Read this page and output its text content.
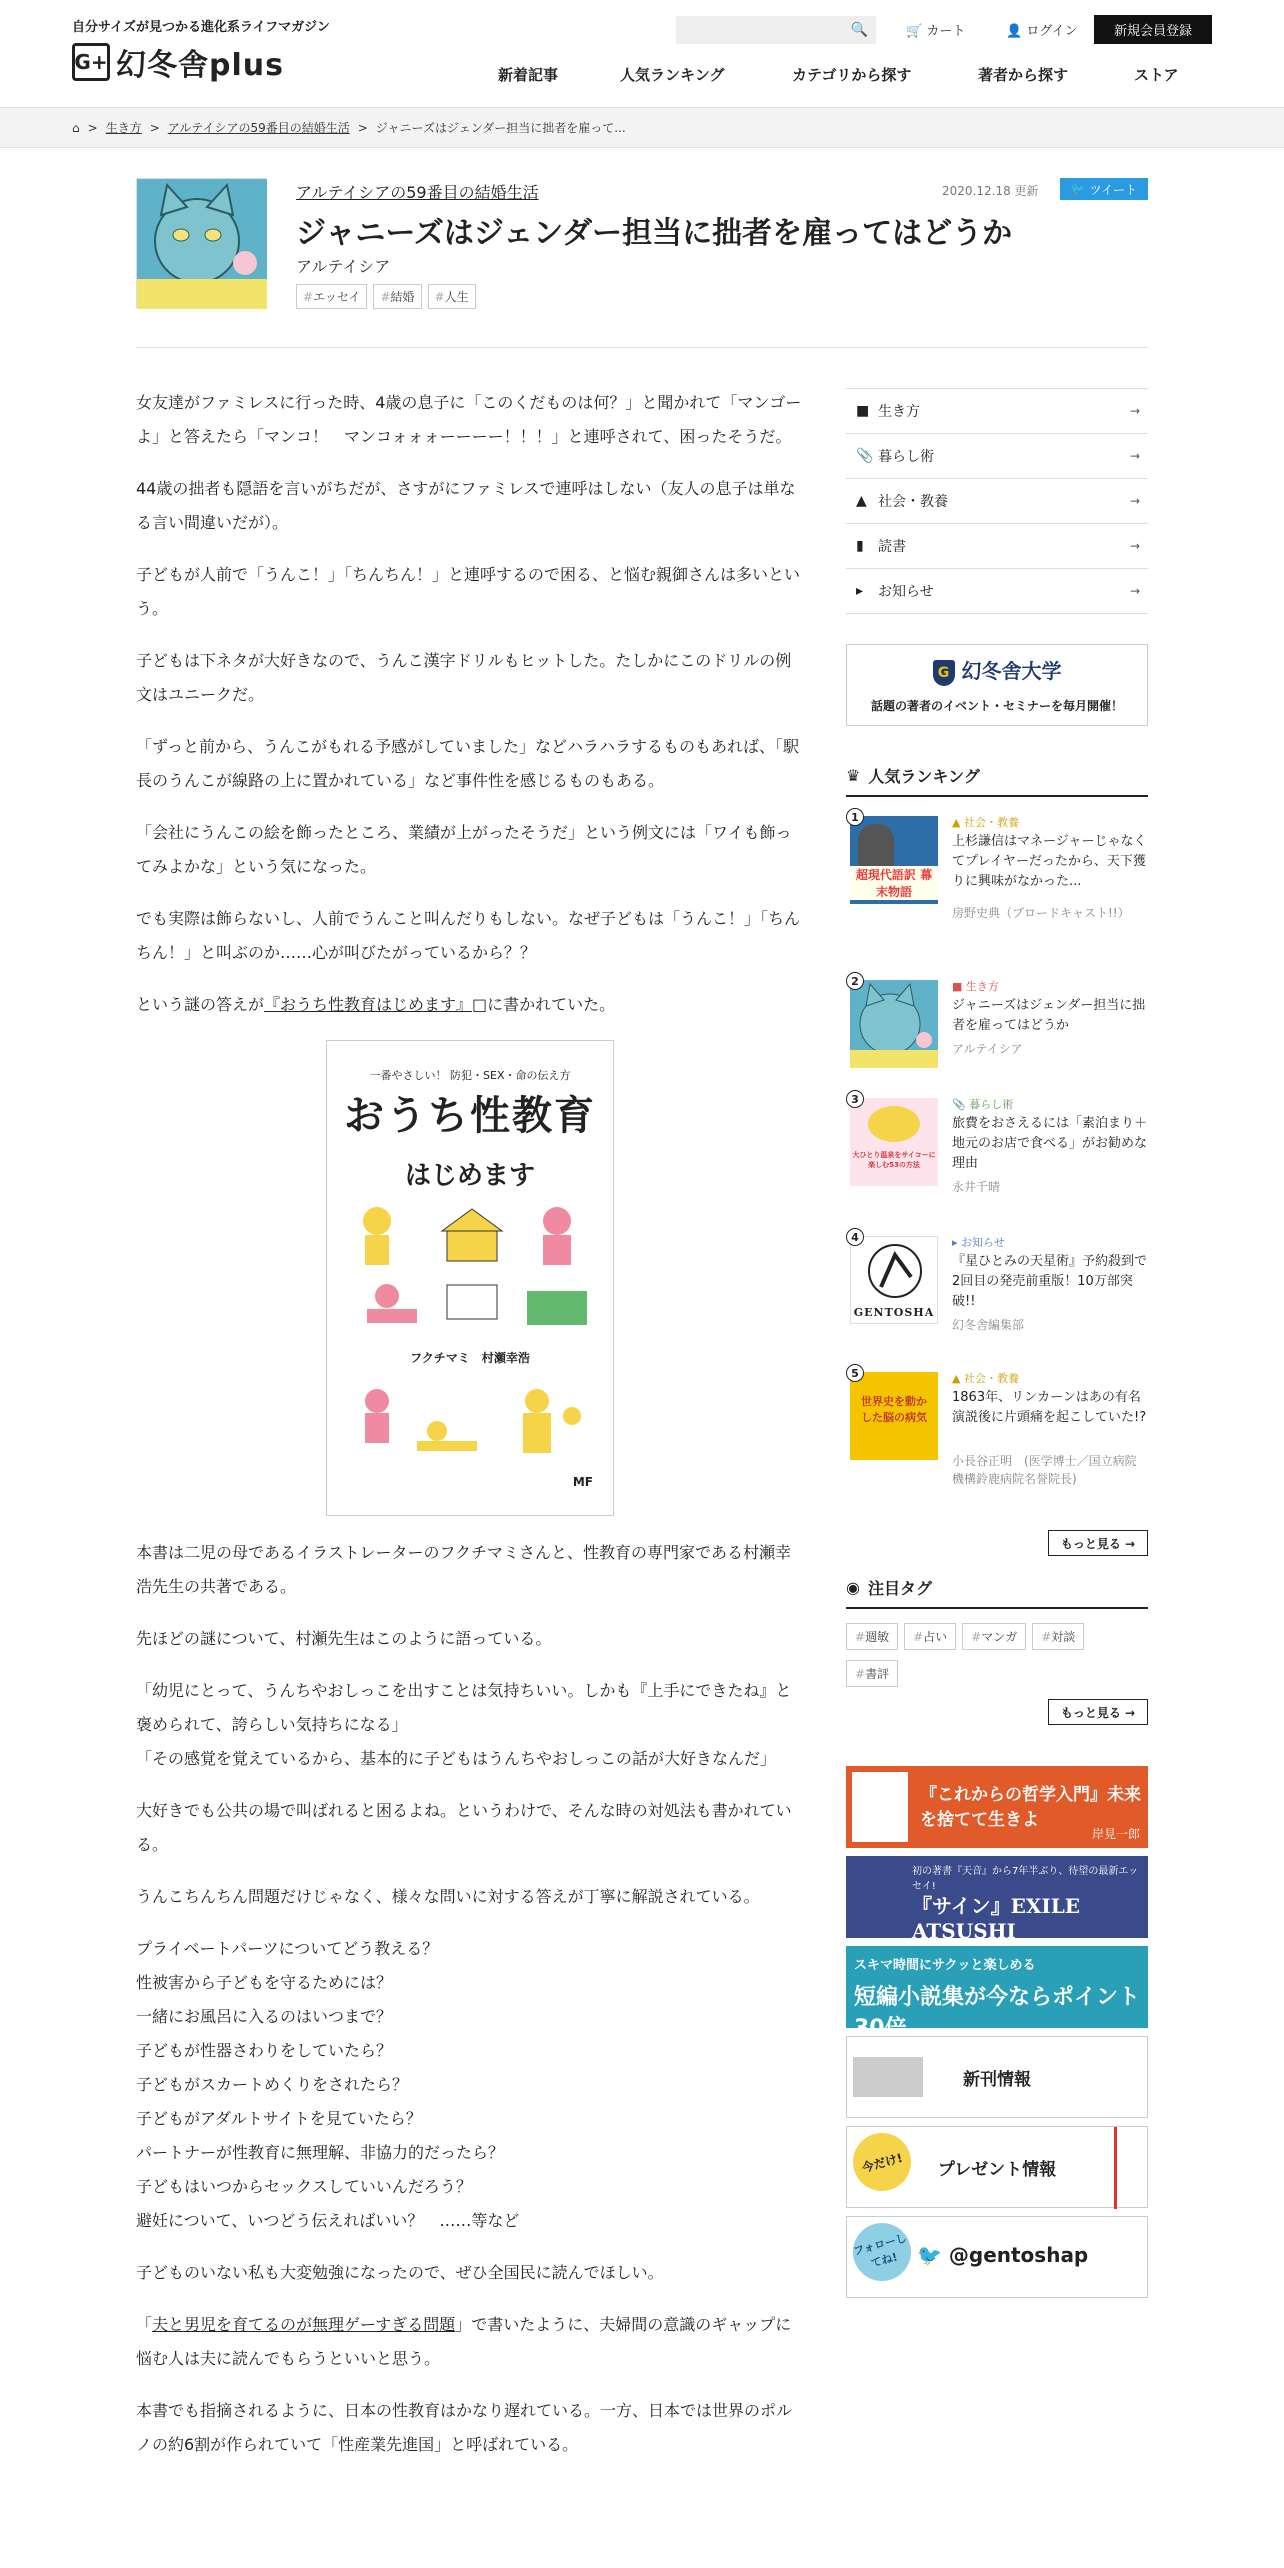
自分サイズが見つかる進化系ライフマガジン
G+ 幻冬舎plus
🔍	🛒 カート	👤 ログイン	新規会員登録
新着記事	人気ランキング	カテゴリから探す	著者から探す	ストア
⌂ > 生き方 > アルテイシアの59番目の結婚生活 > ジャニーズはジェンダー担当に拙者を雇って...
アルテイシアの59番目の結婚生活	2020.12.18 更新	🐦 ツイート
ジャニーズはジェンダー担当に拙者を雇ってはどうか
アルテイシア
# エッセイ	# 結婚	# 人生

女友達がファミレスに行った時、4歳の息子に「このくだものは何？」と聞かれて「マンゴーよ」と答えたら「マンコ！　マンコォォォーーーー！！！」と連呼されて、困ったそうだ。

44歳の拙者も隠語を言いがちだが、さすがにファミレスで連呼はしない（友人の息子は単なる言い間違いだが）。

子どもが人前で「うんこ！」「ちんちん！」と連呼するので困る、と悩む親御さんは多いという。

子どもは下ネタが大好きなので、うんこ漢字ドリルもヒットした。たしかにこのドリルの例文はユニークだ。

「ずっと前から、うんこがもれる予感がしていました」などハラハラするものもあれば、「駅長のうんこが線路の上に置かれている」など事件性を感じるものもある。

「会社にうんこの絵を飾ったところ、業績が上がったそうだ」という例文には「ワイも飾ってみよかな」という気になった。

でも実際は飾らないし、人前でうんこと叫んだりもしない。なぜ子どもは「うんこ！」「ちんちん！」と叫ぶのか……心が叫びたがっているから？？

という謎の答えが『おうち性教育はじめます』□に書かれていた。

一番やさしい！ 防犯・SEX・命の伝え方
おうち性教育
はじめます
フクチマミ　村瀬幸浩
MF

本書は二児の母であるイラストレーターのフクチマミさんと、性教育の専門家である村瀬幸浩先生の共著である。

先ほどの謎について、村瀬先生はこのように語っている。

「幼児にとって、うんちやおしっこを出すことは気持ちいい。しかも『上手にできたね』と褒められて、誇らしい気持ちになる」
「その感覚を覚えているから、基本的に子どもはうんちやおしっこの話が大好きなんだ」

大好きでも公共の場で叫ばれると困るよね。というわけで、そんな時の対処法も書かれている。

うんこちんちん問題だけじゃなく、様々な問いに対する答えが丁寧に解説されている。

プライベートパーツについてどう教える？
性被害から子どもを守るためには？
一緒にお風呂に入るのはいつまで？
子どもが性器さわりをしていたら？
子どもがスカートめくりをされたら？
子どもがアダルトサイトを見ていたら？
パートナーが性教育に無理解、非協力的だったら？
子どもはいつからセックスしていいんだろう？
避妊について、いつどう伝えればいい？　……等など

子どものいない私も大変勉強になったので、ぜひ全国民に読んでほしい。

「夫と男児を育てるのが無理ゲーすぎる問題」で書いたように、夫婦間の意識のギャップに悩む人は夫に読んでもらうといいと思う。

本書でも指摘されるように、日本の性教育はかなり遅れている。一方、日本では世界のポルノの約6割が作られていて「性産業先進国」と呼ばれている。

■ 生き方	→
📎 暮らし術	→
▲ 社会・教養	→
▮	読書	→
▸	お知らせ	→
G 幻冬舎大学
話題の著者のイベント・セミナーを毎月開催！
♛ 人気ランキング
1
超現代語訳 幕末物語
▲ 社会・教養
上杉謙信はマネージャーじゃなくてプレイヤーだったから、天下獲りに興味がなかった...
房野史典（ブロードキャスト!!）
2	■ 生き方
ジャニーズはジェンダー担当に拙者を雇ってはどうか
アルテイシア
3
大ひとり温泉をサイコーに楽しむ53の方法
📎 暮らし術
旅費をおさえるには「素泊まり＋地元のお店で食べる」がお勧めな理由
永井千晴
4
GENTOSHA
▸ お知らせ
『星ひとみの天星術』予約殺到で2回目の発売前重版！10万部突破!!
幻冬舎編集部
5
世界史を動かした脳の病気
▲ 社会・教養
1863年、リンカーンはあの有名演説後に片頭痛を起こしていた!?
小長谷正明　(医学博士／国立病院機構鈴鹿病院名誉院長)
もっと見る →
◉ 注目タグ
# 週敏	# 占い	# マンガ	# 対談# 書評
もっと見る →
『これからの哲学入門』未来を捨てて生きよ
岸見一郎
初の著書『天音』から7年半ぶり、待望の最新エッセイ!
『サイン』EXILE ATSUSHI
スキマ時間にサクッと楽しめる
短編小説集が今ならポイント30倍
新刊情報
今だけ!	プレゼント情報
フォローしてね! 🐦 @gentoshap
